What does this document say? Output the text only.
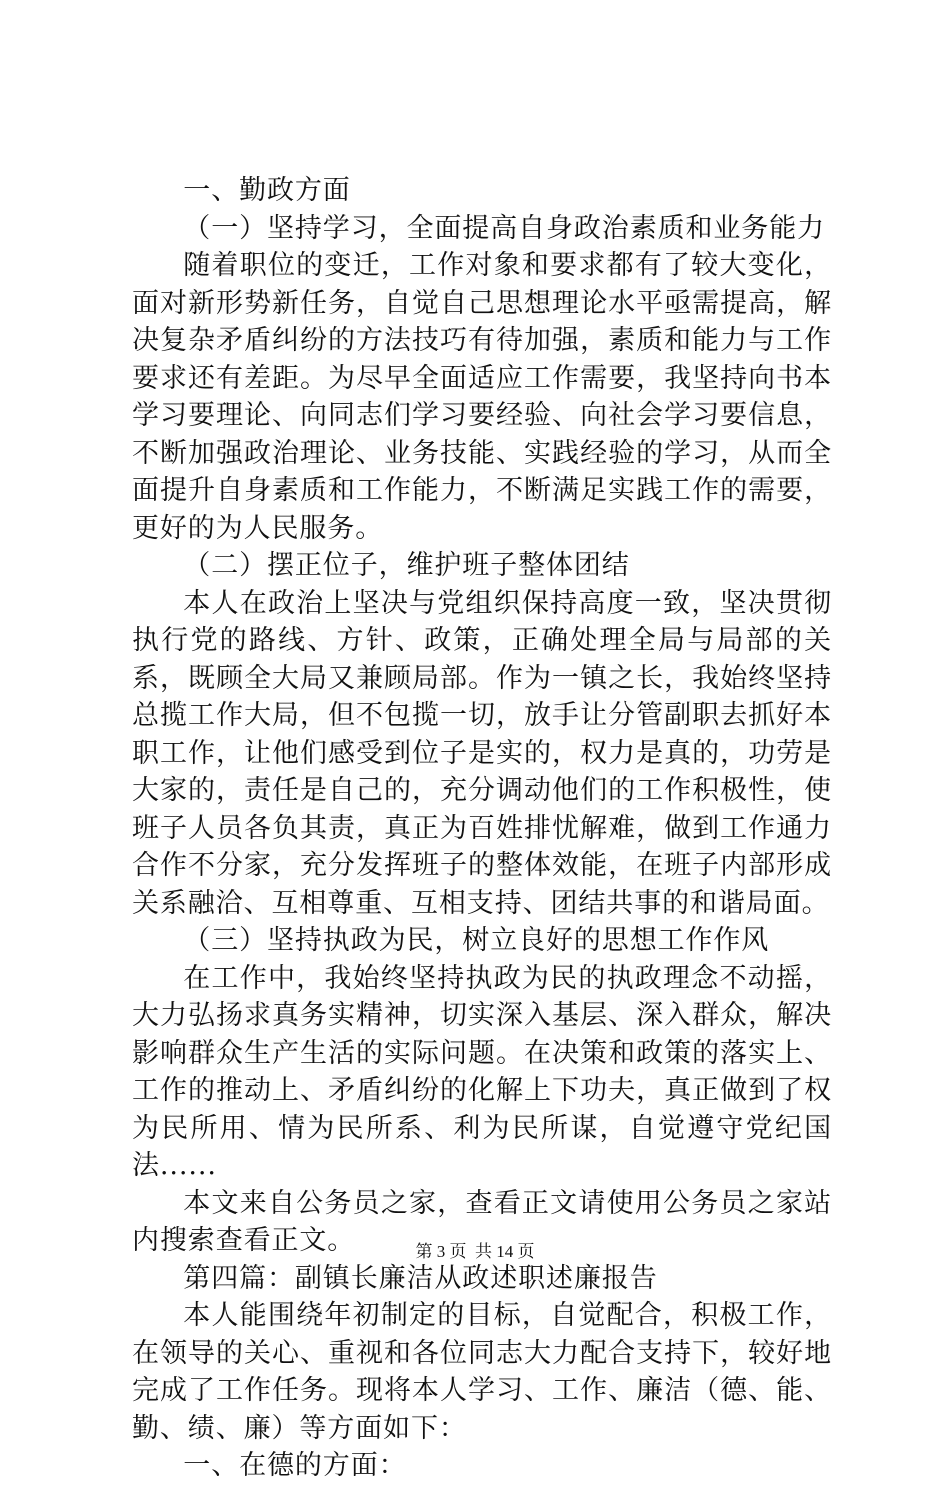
一、勤政方面

（一）坚持学习，全面提高自身政治素质和业务能力

随着职位的变迁，工作对象和要求都有了较大变化，面对新形势新任务，自觉自己思想理论水平亟需提高，解决复杂矛盾纠纷的方法技巧有待加强，素质和能力与工作要求还有差距。为尽早全面适应工作需要，我坚持向书本学习要理论、向同志们学习要经验、向社会学习要信息，不断加强政治理论、业务技能、实践经验的学习，从而全面提升自身素质和工作能力，不断满足实践工作的需要，更好的为人民服务。

（二）摆正位子，维护班子整体团结

本人在政治上坚决与党组织保持高度一致，坚决贯彻执行党的路线、方针、政策，正确处理全局与局部的关系，既顾全大局又兼顾局部。作为一镇之长，我始终坚持总揽工作大局，但不包揽一切，放手让分管副职去抓好本职工作，让他们感受到位子是实的，权力是真的，功劳是大家的，责任是自己的，充分调动他们的工作积极性，使班子人员各负其责，真正为百姓排忧解难，做到工作通力合作不分家，充分发挥班子的整体效能，在班子内部形成关系融洽、互相尊重、互相支持、团结共事的和谐局面。

（三）坚持执政为民，树立良好的思想工作作风

在工作中，我始终坚持执政为民的执政理念不动摇，大力弘扬求真务实精神，切实深入基层、深入群众，解决影响群众生产生活的实际问题。在决策和政策的落实上、工作的推动上、矛盾纠纷的化解上下功夫，真正做到了权为民所用、情为民所系、利为民所谋，自觉遵守党纪国法......

本文来自公务员之家，查看正文请使用公务员之家站内搜索查看正文。

第四篇：副镇长廉洁从政述职述廉报告

本人能围绕年初制定的目标，自觉配合，积极工作，在领导的关心、重视和各位同志大力配合支持下，较好地完成了工作任务。现将本人学习、工作、廉洁（德、能、勤、绩、廉）等方面如下：

一、在德的方面：

第 3 页  共 14 页
